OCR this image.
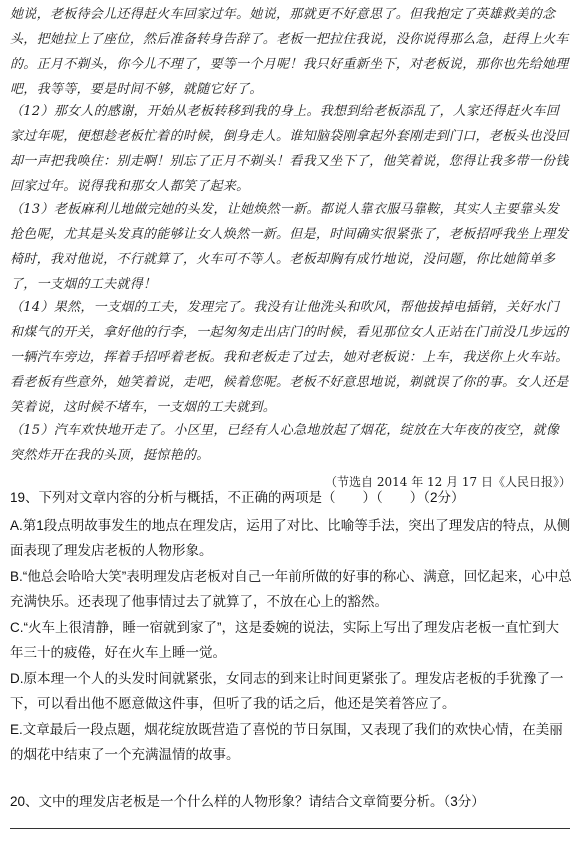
她说，老板待会儿还得赶火车回家过年。她说，那就更不好意思了。但我抱定了英雄救美的念头，把她拉上了座位，然后准备转身告辞了。老板一把拉住我说，没你说得那么急，赶得上火车的。正月不剃头，你今儿不理了，要等一个月呢！我只好重新坐下，对老板说，那你也先给她理吧，我等等，要是时间不够，就随它好了。
（12）那女人的感谢，开始从老板转移到我的身上。我想到给老板添乱了，人家还得赶火车回家过年呢，便想趁老板忙着的时候，倒身走人。谁知脑袋刚拿起外套刚走到门口，老板头也没回却一声把我唤住：别走啊！别忘了正月不剃头！看我又坐下了，他笑着说，您得让我多带一份钱回家过年。说得我和那女人都笑了起来。
（13）老板麻利儿地做完她的头发，让她焕然一新。都说人靠衣服马靠鞍，其实人主要靠头发抢色呢，尤其是头发真的能够让女人焕然一新。但是，时间确实很紧张了，老板招呼我坐上理发椅时，我对他说，不行就算了，火车可不等人。老板却胸有成竹地说，没问题，你比她简单多了，一支烟的工夫就得！
（14）果然，一支烟的工夫，发理完了。我没有让他洗头和吹风，帮他拔掉电插销，关好水门和煤气的开关，拿好他的行李，一起匆匆走出店门的时候，看见那位女人正站在门前没几步远的一辆汽车旁边，挥着手招呼着老板。我和老板走了过去，她对老板说：上车，我送你上火车站。看老板有些意外，她笑着说，走吧，候着您呢。老板不好意思地说，剃就误了你的事。女人还是笑着说，这时候不堵车，一支烟的工夫就到。
（15）汽车欢快地开走了。小区里，已经有人心急地放起了烟花，绽放在大年夜的夜空，就像突然炸开在我的头顶，挺惊艳的。
（节选自 2014 年 12 月 17 日《人民日报》）
19、下列对文章内容的分析与概括，不正确的两项是（　　）（　　）（2分）
A.第1段点明故事发生的地点在理发店，运用了对比、比喻等手法，突出了理发店的特点，从侧面表现了理发店老板的人物形象。
B.“他总会哈哈大笑”表明理发店老板对自己一年前所做的好事的称心、满意，回忆起来，心中总充满快乐。还表现了他事情过去了就算了，不放在心上的豁然。
C.“火车上很清静，睡一宿就到家了”，这是委婉的说法，实际上写出了理发店老板一直忙到大年三十的疲倦，好在火车上睡一觉。
D.原本理一个人的头发时间就紧张，女同志的到来让时间更紧张了。理发店老板的手犹豫了一下，可以看出他不愿意做这件事，但听了我的话之后，他还是笑着答应了。
E.文章最后一段点题，烟花绽放既营造了喜悦的节日氛围，又表现了我们的欢快心情，在美丽的烟花中结束了一个充满温情的故事。
20、文中的理发店老板是一个什么样的人物形象？请结合文章简要分析。（3分）
